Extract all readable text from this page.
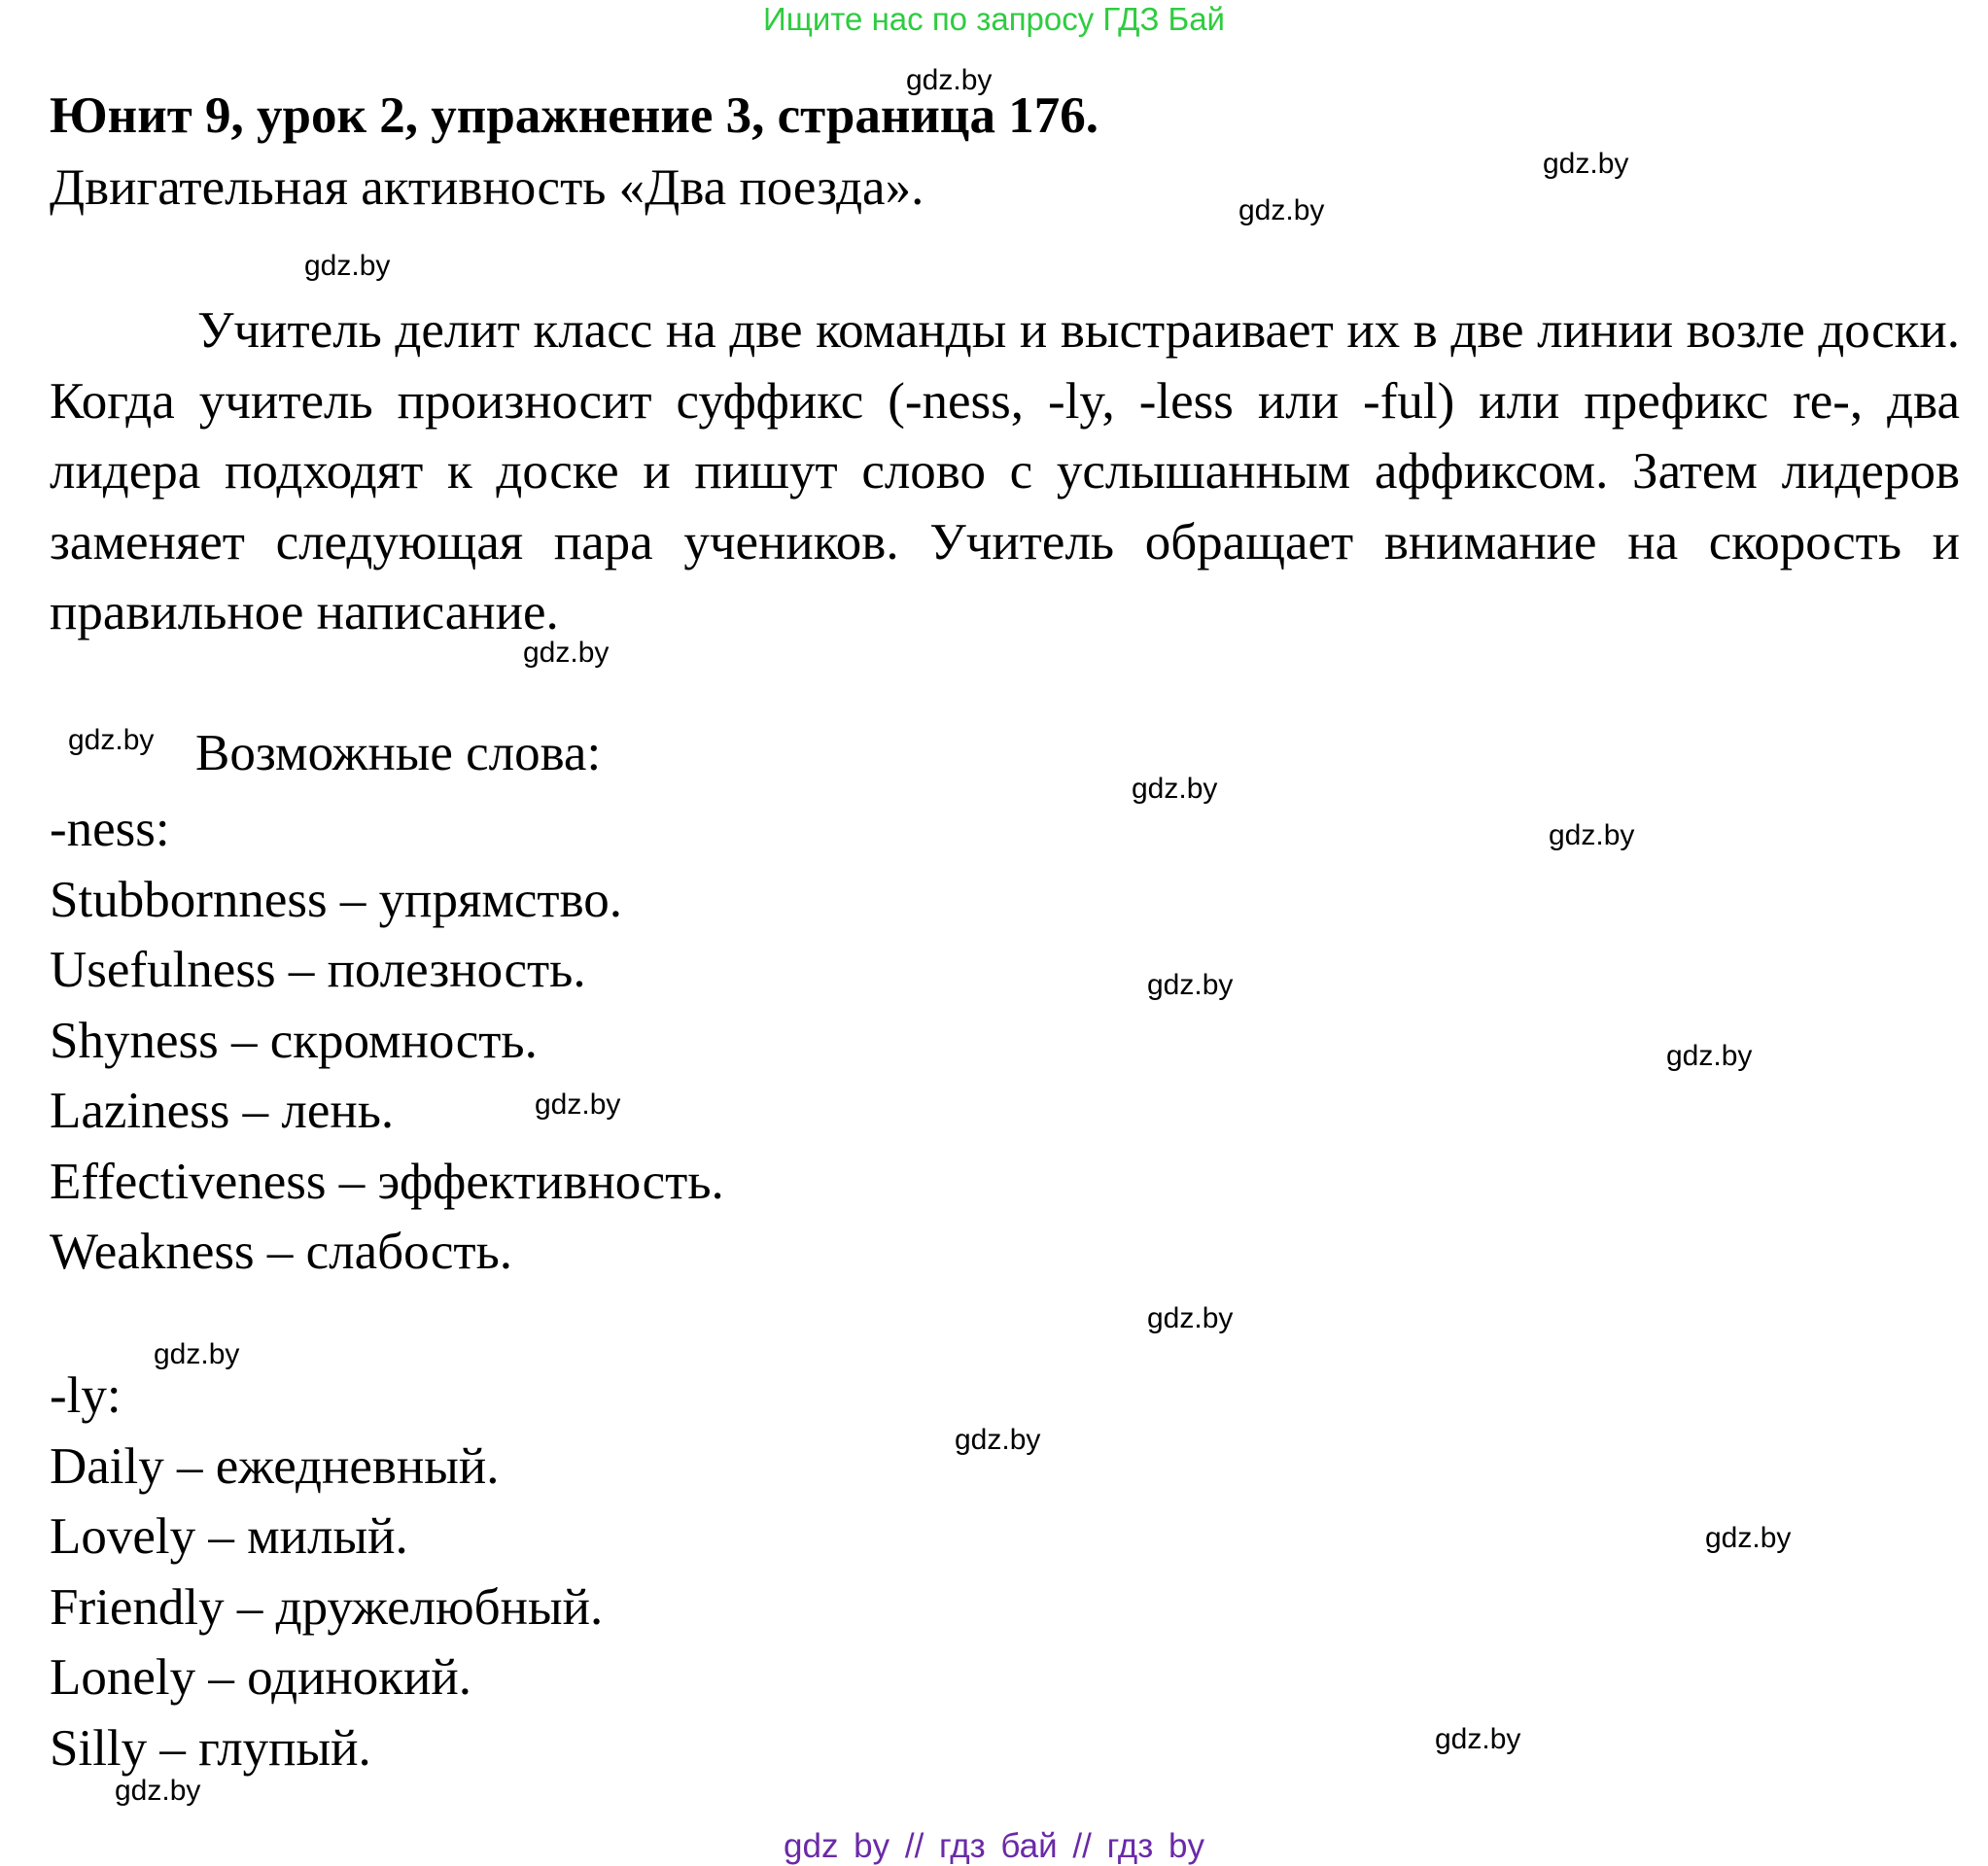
Ищите нас по запросу ГДЗ Бай
Юнит 9, урок 2, упражнение 3, страница 176.

Двигательная активность «Два поезда».

Учитель делит класс на две команды и выстраивает их в две линии возле доски. Когда учитель произносит суффикс (-ness, -ly, -less или -ful) или префикс re-, два лидера подходят к доске и пишут слово с услышанным аффиксом. Затем лидеров заменяет следующая пара учеников. Учитель обращает внимание на скорость и правильное написание.

Возможные слова:

-ness:
Stubbornness – упрямство.
Usefulness – полезность.
Shyness – скромность.
Laziness – лень.
Effectiveness – эффективность.
Weakness – слабость.
-ly:
Daily – ежедневный.
Lovely – милый.
Friendly – дружелюбный.
Lonely – одинокий.
Silly – глупый.
gdz.by
gdz.by
gdz.by
gdz.by
gdz.by
gdz.by
gdz.by
gdz.by
gdz.by
gdz.by
gdz.by
gdz.by
gdz.by
gdz.by
gdz.by
gdz.by
gdz by // гдз бай // гдз by
gdz.by
